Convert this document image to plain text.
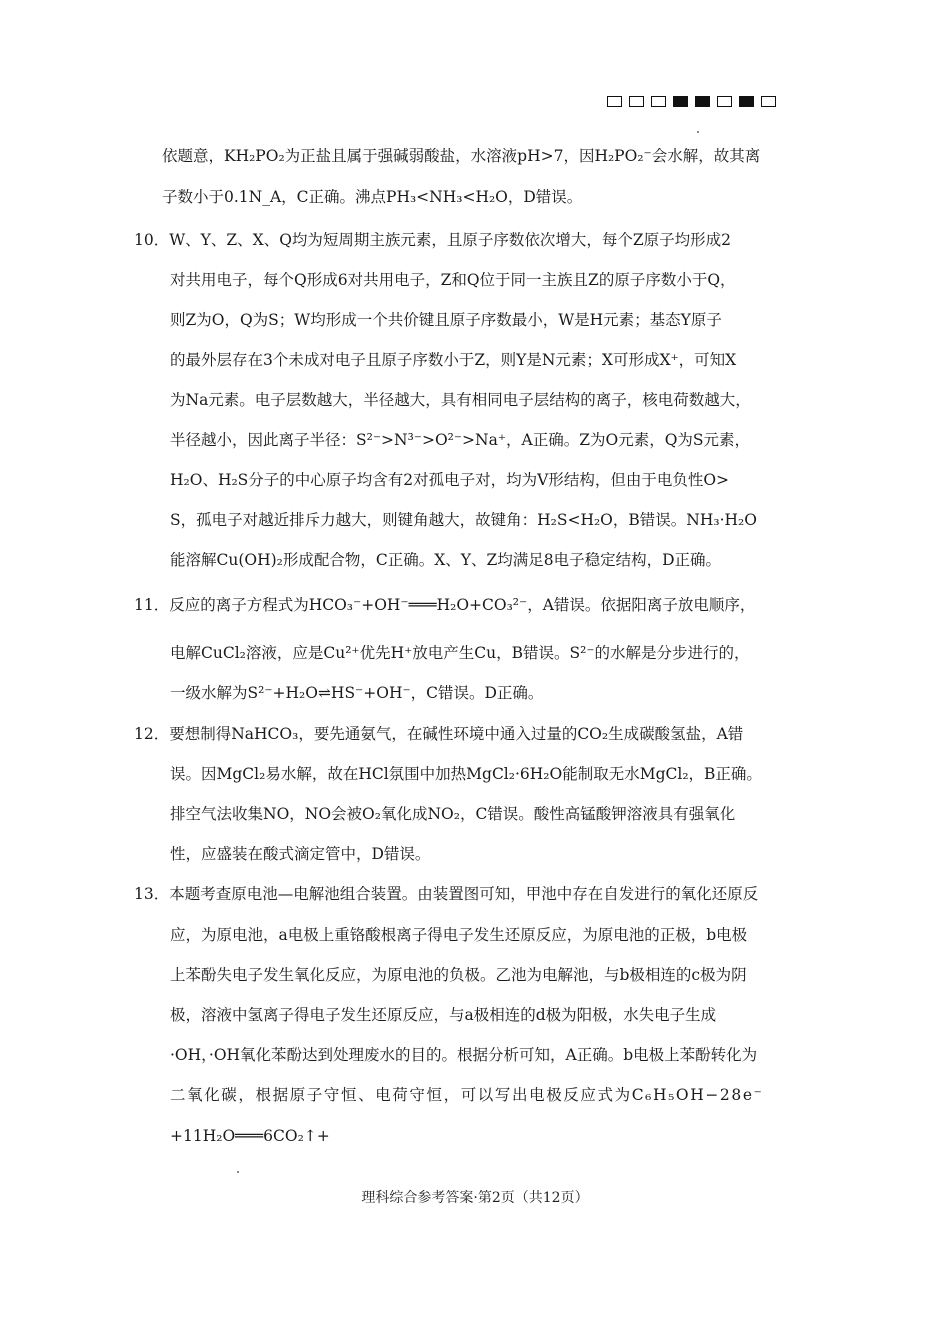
依题意，KH₂PO₂为正盐且属于强碱弱酸盐，水溶液pH>7，因H₂PO₂⁻会水解，故其离
子数小于0.1N_A，C正确。沸点PH₃<NH₃<H₂O，D错误。
10．W、Y、Z、X、Q均为短周期主族元素，且原子序数依次增大，每个Z原子均形成2
对共用电子，每个Q形成6对共用电子，Z和Q位于同一主族且Z的原子序数小于Q，
则Z为O，Q为S；W均形成一个共价键且原子序数最小，W是H元素；基态Y原子
的最外层存在3个未成对电子且原子序数小于Z，则Y是N元素；X可形成X⁺，可知X
为Na元素。电子层数越大，半径越大，具有相同电子层结构的离子，核电荷数越大，
半径越小，因此离子半径：S²⁻>N³⁻>O²⁻>Na⁺，A正确。Z为O元素，Q为S元素，
H₂O、H₂S分子的中心原子均含有2对孤电子对，均为V形结构，但由于电负性O>
S，孤电子对越近排斥力越大，则键角越大，故键角：H₂S<H₂O，B错误。NH₃·H₂O
能溶解Cu(OH)₂形成配合物，C正确。X、Y、Z均满足8电子稳定结构，D正确。
11．反应的离子方程式为HCO₃⁻+OH⁻═══H₂O+CO₃²⁻，A错误。依据阳离子放电顺序，
电解CuCl₂溶液，应是Cu²⁺优先H⁺放电产生Cu，B错误。S²⁻的水解是分步进行的，
一级水解为S²⁻+H₂O⇌HS⁻+OH⁻，C错误。D正确。
12．要想制得NaHCO₃，要先通氨气，在碱性环境中通入过量的CO₂生成碳酸氢盐，A错
误。因MgCl₂易水解，故在HCl氛围中加热MgCl₂·6H₂O能制取无水MgCl₂，B正确。
排空气法收集NO，NO会被O₂氧化成NO₂，C错误。酸性高锰酸钾溶液具有强氧化
性，应盛装在酸式滴定管中，D错误。
13．本题考查原电池—电解池组合装置。由装置图可知，甲池中存在自发进行的氧化还原反
应，为原电池，a电极上重铬酸根离子得电子发生还原反应，为原电池的正极，b电极
上苯酚失电子发生氧化反应，为原电池的负极。乙池为电解池，与b极相连的c极为阴
极，溶液中氢离子得电子发生还原反应，与a极相连的d极为阳极，水失电子生成
·OH，·OH氧化苯酚达到处理废水的目的。根据分析可知，A正确。b电极上苯酚转化为
二氧化碳，根据原子守恒、电荷守恒，可以写出电极反应式为C₆H₅OH−28e⁻
+11H₂O═══6CO₂↑+
理科综合参考答案·第2页（共12页）
